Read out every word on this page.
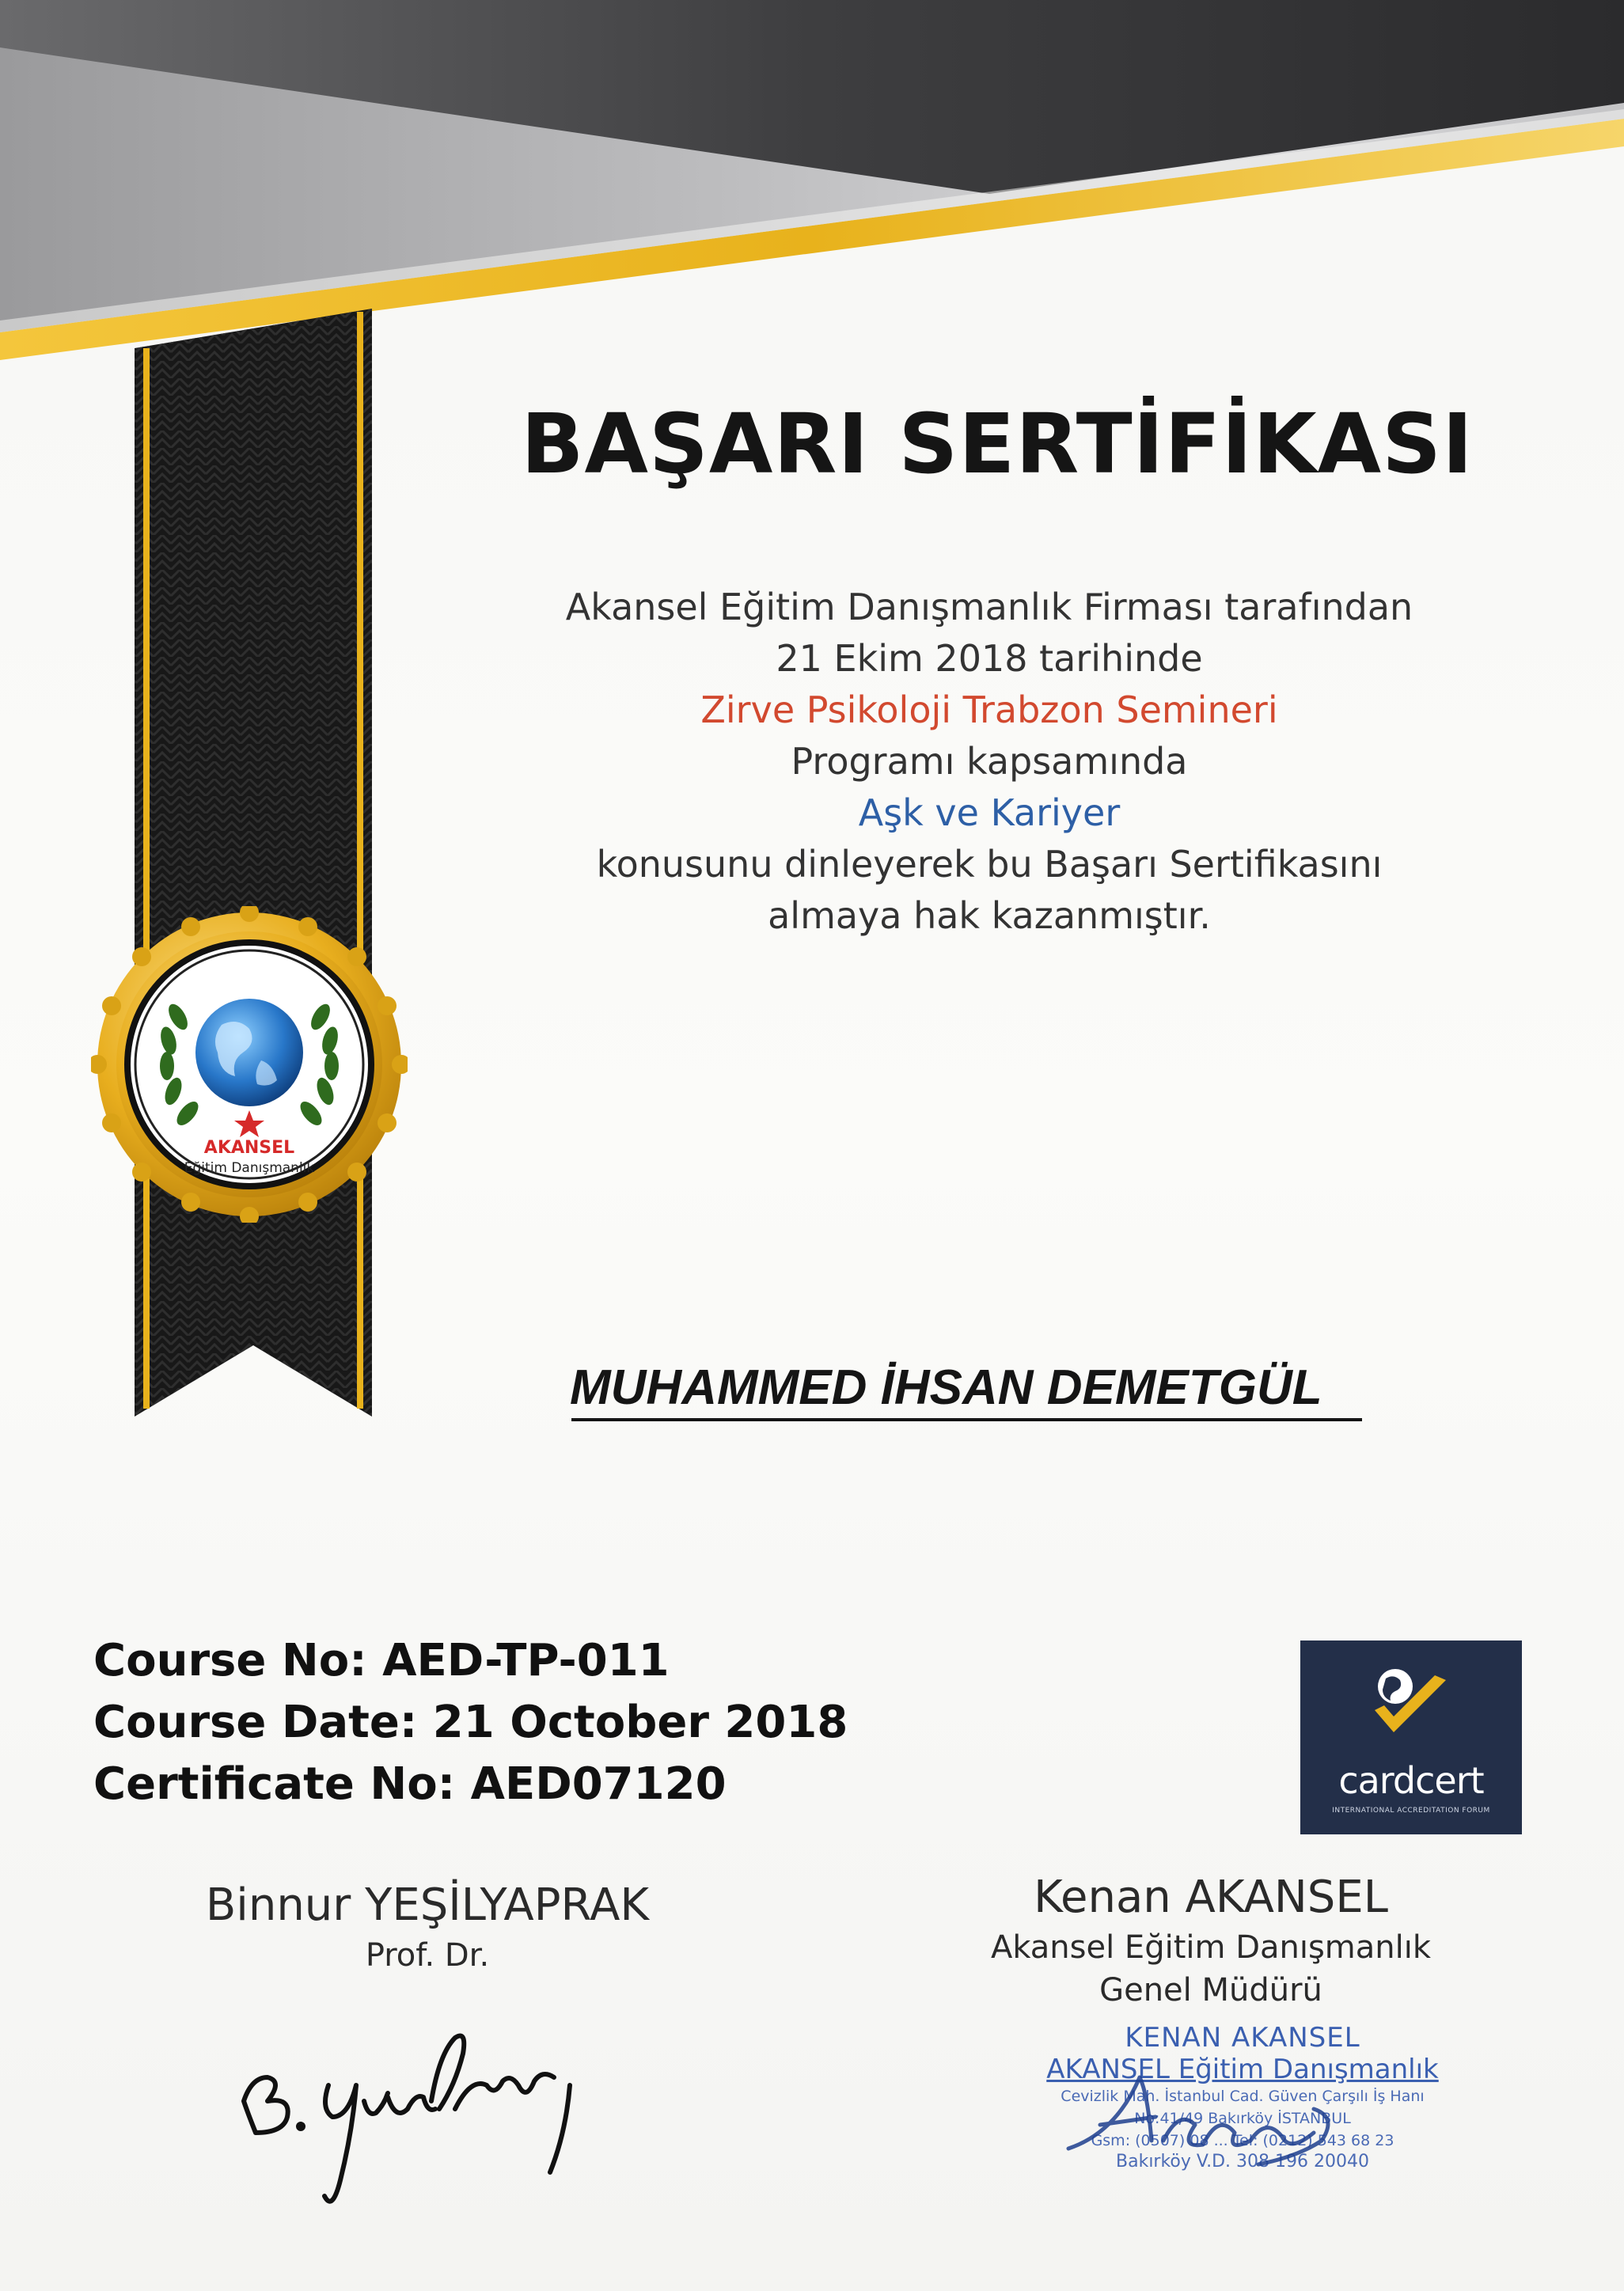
AKANSEL
Eğitim Danışmanlık
BAŞARI SERTİFİKASI
Akansel Eğitim Danışmanlık Firması tarafından
21 Ekim 2018 tarihinde
Zirve Psikoloji Trabzon Semineri
Programı kapsamında
Aşk ve Kariyer
konusunu dinleyerek bu Başarı Sertifikasını
almaya hak kazanmıştır.
MUHAMMED İHSAN DEMETGÜL
Course No: AED-TP-011
Course Date: 21 October 2018
Certificate No: AED07120	cardcert
INTERNATIONAL ACCREDITATION FORUM
Binnur YEŞİLYAPRAK
Prof. Dr.
Kenan AKANSEL
Akansel Eğitim Danışmanlık
Genel Müdürü
KENAN AKANSEL
AKANSEL Eğitim Danışmanlık
Cevizlik Mah. İstanbul Cad. Güven Çarşılı İş Hanı
No:41/49 Bakırköy İSTANBUL
Gsm: (0507) 08 ... Tel: (0212) 543 68 23
Bakırköy V.D. 308 196 20040
